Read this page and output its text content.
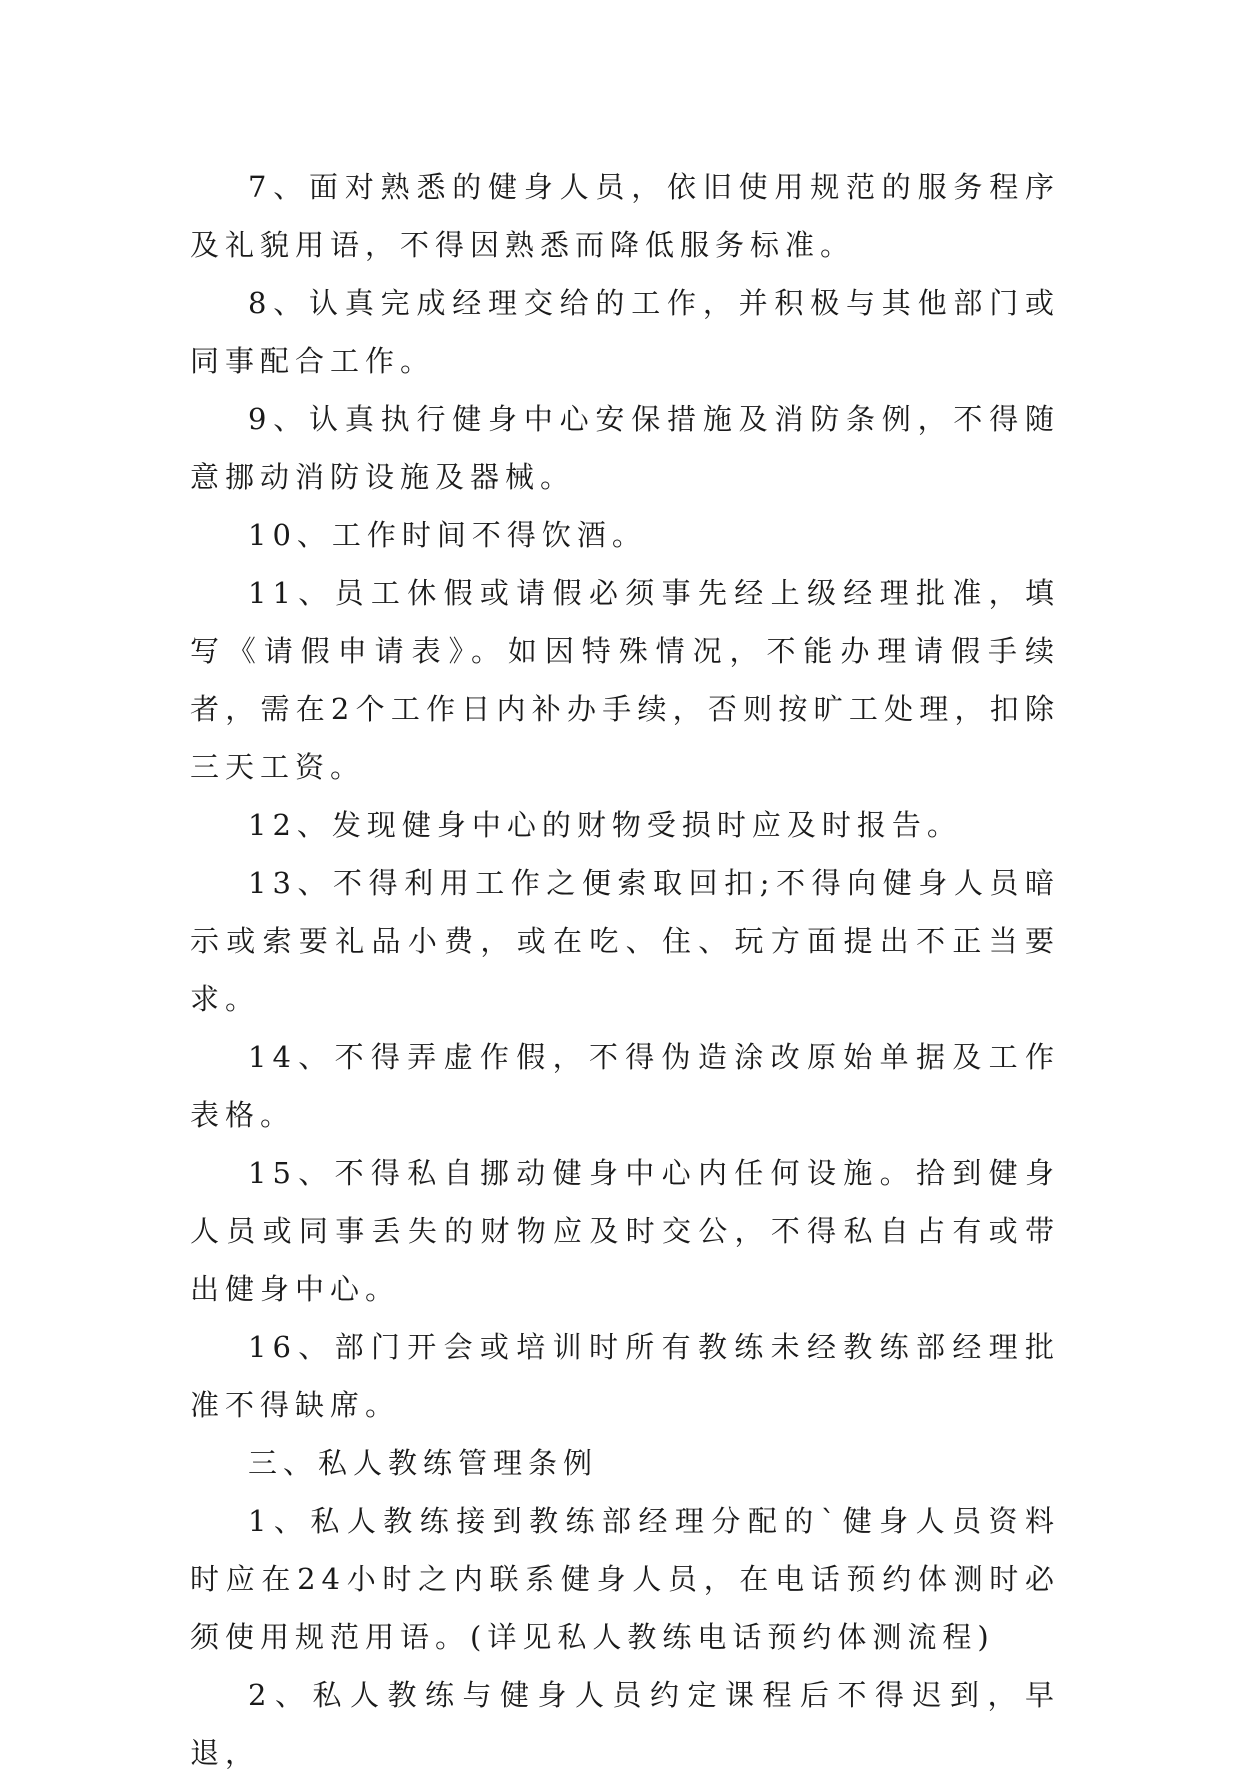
7、面对熟悉的健身人员，依旧使用规范的服务程序及礼貌用语，不得因熟悉而降低服务标准。

8、认真完成经理交给的工作，并积极与其他部门或同事配合工作。

9、认真执行健身中心安保措施及消防条例，不得随意挪动消防设施及器械。

10、工作时间不得饮酒。

11、员工休假或请假必须事先经上级经理批准，填写《请假申请表》。如因特殊情况，不能办理请假手续者，需在2个工作日内补办手续，否则按旷工处理，扣除三天工资。

12、发现健身中心的财物受损时应及时报告。

13、不得利用工作之便索取回扣;不得向健身人员暗示或索要礼品小费，或在吃、住、玩方面提出不正当要求。

14、不得弄虚作假，不得伪造涂改原始单据及工作表格。

15、不得私自挪动健身中心内任何设施。拾到健身人员或同事丢失的财物应及时交公，不得私自占有或带出健身中心。

16、部门开会或培训时所有教练未经教练部经理批准不得缺席。

三、私人教练管理条例

1、私人教练接到教练部经理分配的`健身人员资料时应在24小时之内联系健身人员，在电话预约体测时必须使用规范用语。(详见私人教练电话预约体测流程)

2、私人教练与健身人员约定课程后不得迟到，早退，
